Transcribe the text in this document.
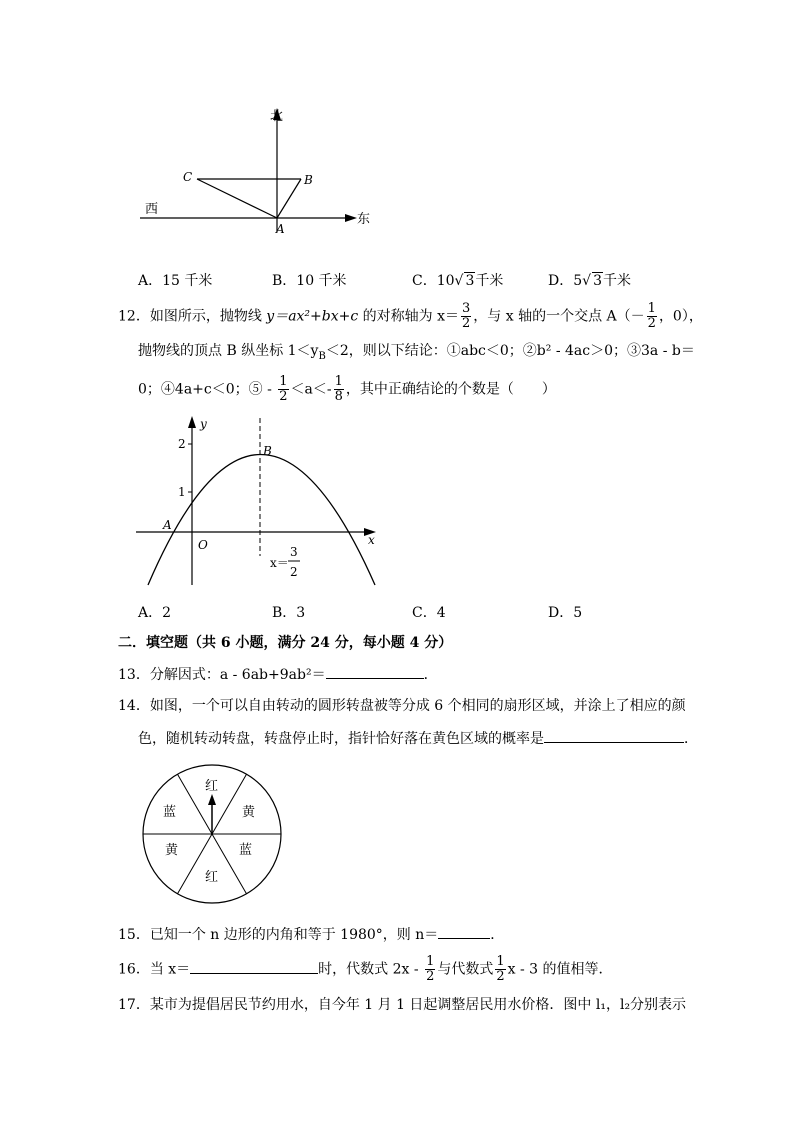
北
东
西
C	B
A
A．15 千米	B．10 千米	C．10√ 3千米	D．5√ 3千米
12．如图所示，抛物线 y＝ax²+bx+c 的对称轴为 $x= \frac{3}{2}$ ，与 x 轴的一个交点 $A(- \frac{1}{2}$ ，0），
抛物线的顶点 B 纵坐标 $1<y_B<2$，则以下结论：①abc＜0；②b² - 4ac＞0；③3a - b＝
0；④4a+c＜0；⑤ - $\frac{1}{2} <a<- \frac{1}{8}$ ，其中正确结论的个数是（　　）
y
x
2
1
O
A
B
x＝
3
2
A．2	B．3	C．4	D．5
二．填空题（共 6 小题，满分 24 分，每小题 4 分）
13．分解因式：a - 6ab+9ab²＝	．
14．如图，一个可以自由转动的圆形转盘被等分成 6 个相同的扇形区域，并涂上了相应的颜
色，随机转动转盘，转盘停止时，指针恰好落在黄色区域的概率是	．
红
黄
蓝
红
黄
蓝
15．已知一个 n 边形的内角和等于 1980°，则 n＝	．
16．当 x＝	时，代数式 $2x - \frac{1}{2}$ 与代数式 $\frac{1}{2}$ x - 3 的值相等．
17．某市为提倡居民节约用水，自今年 1 月 1 日起调整居民用水价格．图中 l₁，l₂分别表示
